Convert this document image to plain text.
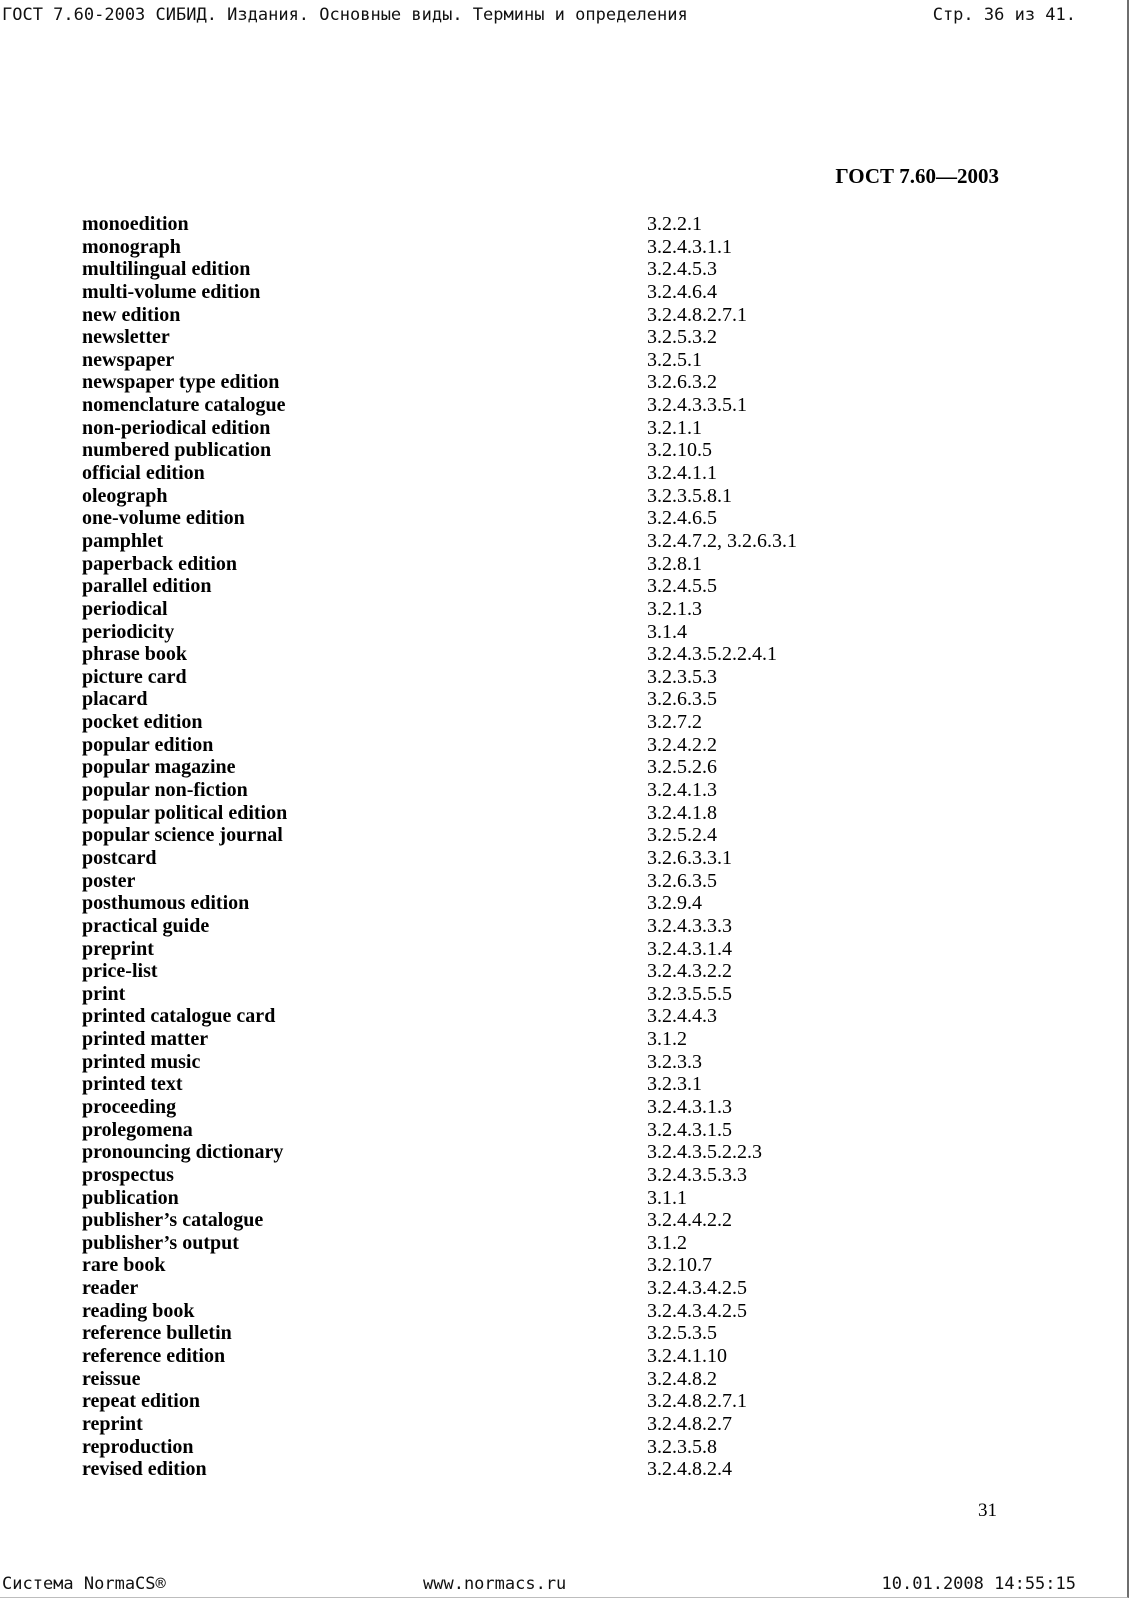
ГОСТ 7.60-2003 СИБИД. Издания. Основные виды. Термины и определения	Стр. 36 из 41.
ГОСТ 7.60—2003
monoedition	3.2.2.1
monograph	3.2.4.3.1.1
multilingual edition	3.2.4.5.3
multi-volume edition	3.2.4.6.4
new edition	3.2.4.8.2.7.1
newsletter	3.2.5.3.2
newspaper	3.2.5.1
newspaper type edition	3.2.6.3.2
nomenclature catalogue	3.2.4.3.3.5.1
non-periodical edition	3.2.1.1
numbered publication	3.2.10.5
official edition	3.2.4.1.1
oleograph	3.2.3.5.8.1
one-volume edition	3.2.4.6.5
pamphlet	3.2.4.7.2, 3.2.6.3.1
paperback edition	3.2.8.1
parallel edition	3.2.4.5.5
periodical	3.2.1.3
periodicity	3.1.4
phrase book	3.2.4.3.5.2.2.4.1
picture card	3.2.3.5.3
placard	3.2.6.3.5
pocket edition	3.2.7.2
popular edition	3.2.4.2.2
popular magazine	3.2.5.2.6
popular non-fiction	3.2.4.1.3
popular political edition	3.2.4.1.8
popular science journal	3.2.5.2.4
postcard	3.2.6.3.3.1
poster	3.2.6.3.5
posthumous edition	3.2.9.4
practical guide	3.2.4.3.3.3
preprint	3.2.4.3.1.4
price-list	3.2.4.3.2.2
print	3.2.3.5.5.5
printed catalogue card	3.2.4.4.3
printed matter	3.1.2
printed music	3.2.3.3
printed text	3.2.3.1
proceeding	3.2.4.3.1.3
prolegomena	3.2.4.3.1.5
pronouncing dictionary	3.2.4.3.5.2.2.3
prospectus	3.2.4.3.5.3.3
publication	3.1.1
publisher’s catalogue	3.2.4.4.2.2
publisher’s output	3.1.2
rare book	3.2.10.7
reader	3.2.4.3.4.2.5
reading book	3.2.4.3.4.2.5
reference bulletin	3.2.5.3.5
reference edition	3.2.4.1.10
reissue	3.2.4.8.2
repeat edition	3.2.4.8.2.7.1
reprint	3.2.4.8.2.7
reproduction	3.2.3.5.8
revised edition	3.2.4.8.2.4
31
Система NormaCS®	www.normacs.ru	10.01.2008 14:55:15
